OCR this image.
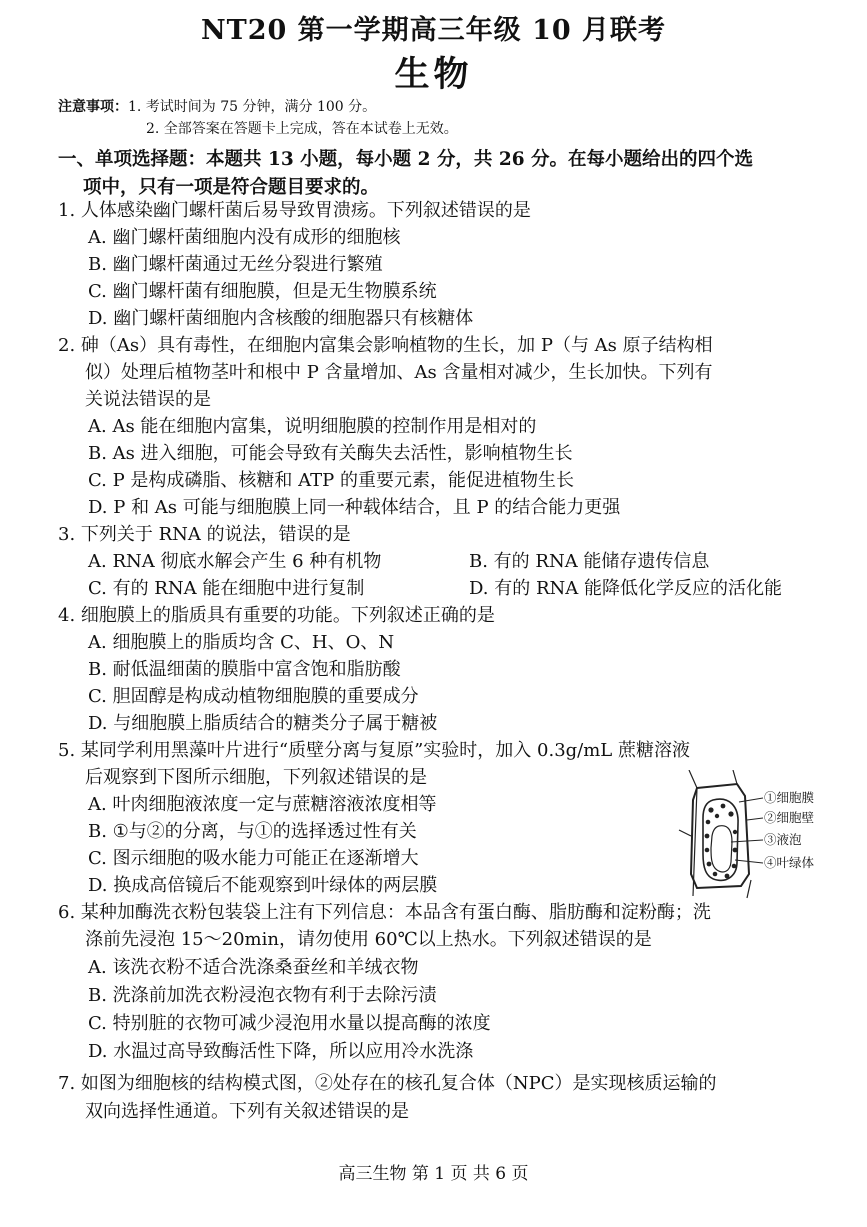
NT20 第一学期高三年级 10 月联考
生物
注意事项：1. 考试时间为 75 分钟，满分 100 分。
2. 全部答案在答题卡上完成，答在本试卷上无效。
一、单项选择题：本题共 13 小题，每小题 2 分，共 26 分。在每小题给出的四个选
项中，只有一项是符合题目要求的。
1. 人体感染幽门螺杆菌后易导致胃溃疡。下列叙述错误的是
A. 幽门螺杆菌细胞内没有成形的细胞核
B. 幽门螺杆菌通过无丝分裂进行繁殖
C. 幽门螺杆菌有细胞膜，但是无生物膜系统
D. 幽门螺杆菌细胞内含核酸的细胞器只有核糖体
2. 砷（As）具有毒性，在细胞内富集会影响植物的生长，加 P（与 As 原子结构相
似）处理后植物茎叶和根中 P 含量增加、As 含量相对减少，生长加快。下列有
关说法错误的是
A. As 能在细胞内富集，说明细胞膜的控制作用是相对的
B. As 进入细胞，可能会导致有关酶失去活性，影响植物生长
C. P 是构成磷脂、核糖和 ATP 的重要元素，能促进植物生长
D. P 和 As 可能与细胞膜上同一种载体结合，且 P 的结合能力更强
3. 下列关于 RNA 的说法，错误的是
A. RNA 彻底水解会产生 6 种有机物	B. 有的 RNA 能储存遗传信息
C. 有的 RNA 能在细胞中进行复制	D. 有的 RNA 能降低化学反应的活化能
4. 细胞膜上的脂质具有重要的功能。下列叙述正确的是
A. 细胞膜上的脂质均含 C、H、O、N
B. 耐低温细菌的膜脂中富含饱和脂肪酸
C. 胆固醇是构成动植物细胞膜的重要成分
D. 与细胞膜上脂质结合的糖类分子属于糖被
5. 某同学利用黑藻叶片进行“质壁分离与复原”实验时，加入 0.3g/mL 蔗糖溶液
后观察到下图所示细胞，下列叙述错误的是
A. 叶肉细胞液浓度一定与蔗糖溶液浓度相等
B. ①与②的分离，与①的选择透过性有关
C. 图示细胞的吸水能力可能正在逐渐增大
D. 换成高倍镜后不能观察到叶绿体的两层膜
①细胞膜
②细胞壁
③液泡
④叶绿体
6. 某种加酶洗衣粉包装袋上注有下列信息：本品含有蛋白酶、脂肪酶和淀粉酶；洗
涤前先浸泡 15～20min，请勿使用 60℃以上热水。下列叙述错误的是
A. 该洗衣粉不适合洗涤桑蚕丝和羊绒衣物
B. 洗涤前加洗衣粉浸泡衣物有利于去除污渍
C. 特别脏的衣物可减少浸泡用水量以提高酶的浓度
D. 水温过高导致酶活性下降，所以应用冷水洗涤
7. 如图为细胞核的结构模式图，②处存在的核孔复合体（NPC）是实现核质运输的
双向选择性通道。下列有关叙述错误的是
高三生物 第 1 页 共 6 页
